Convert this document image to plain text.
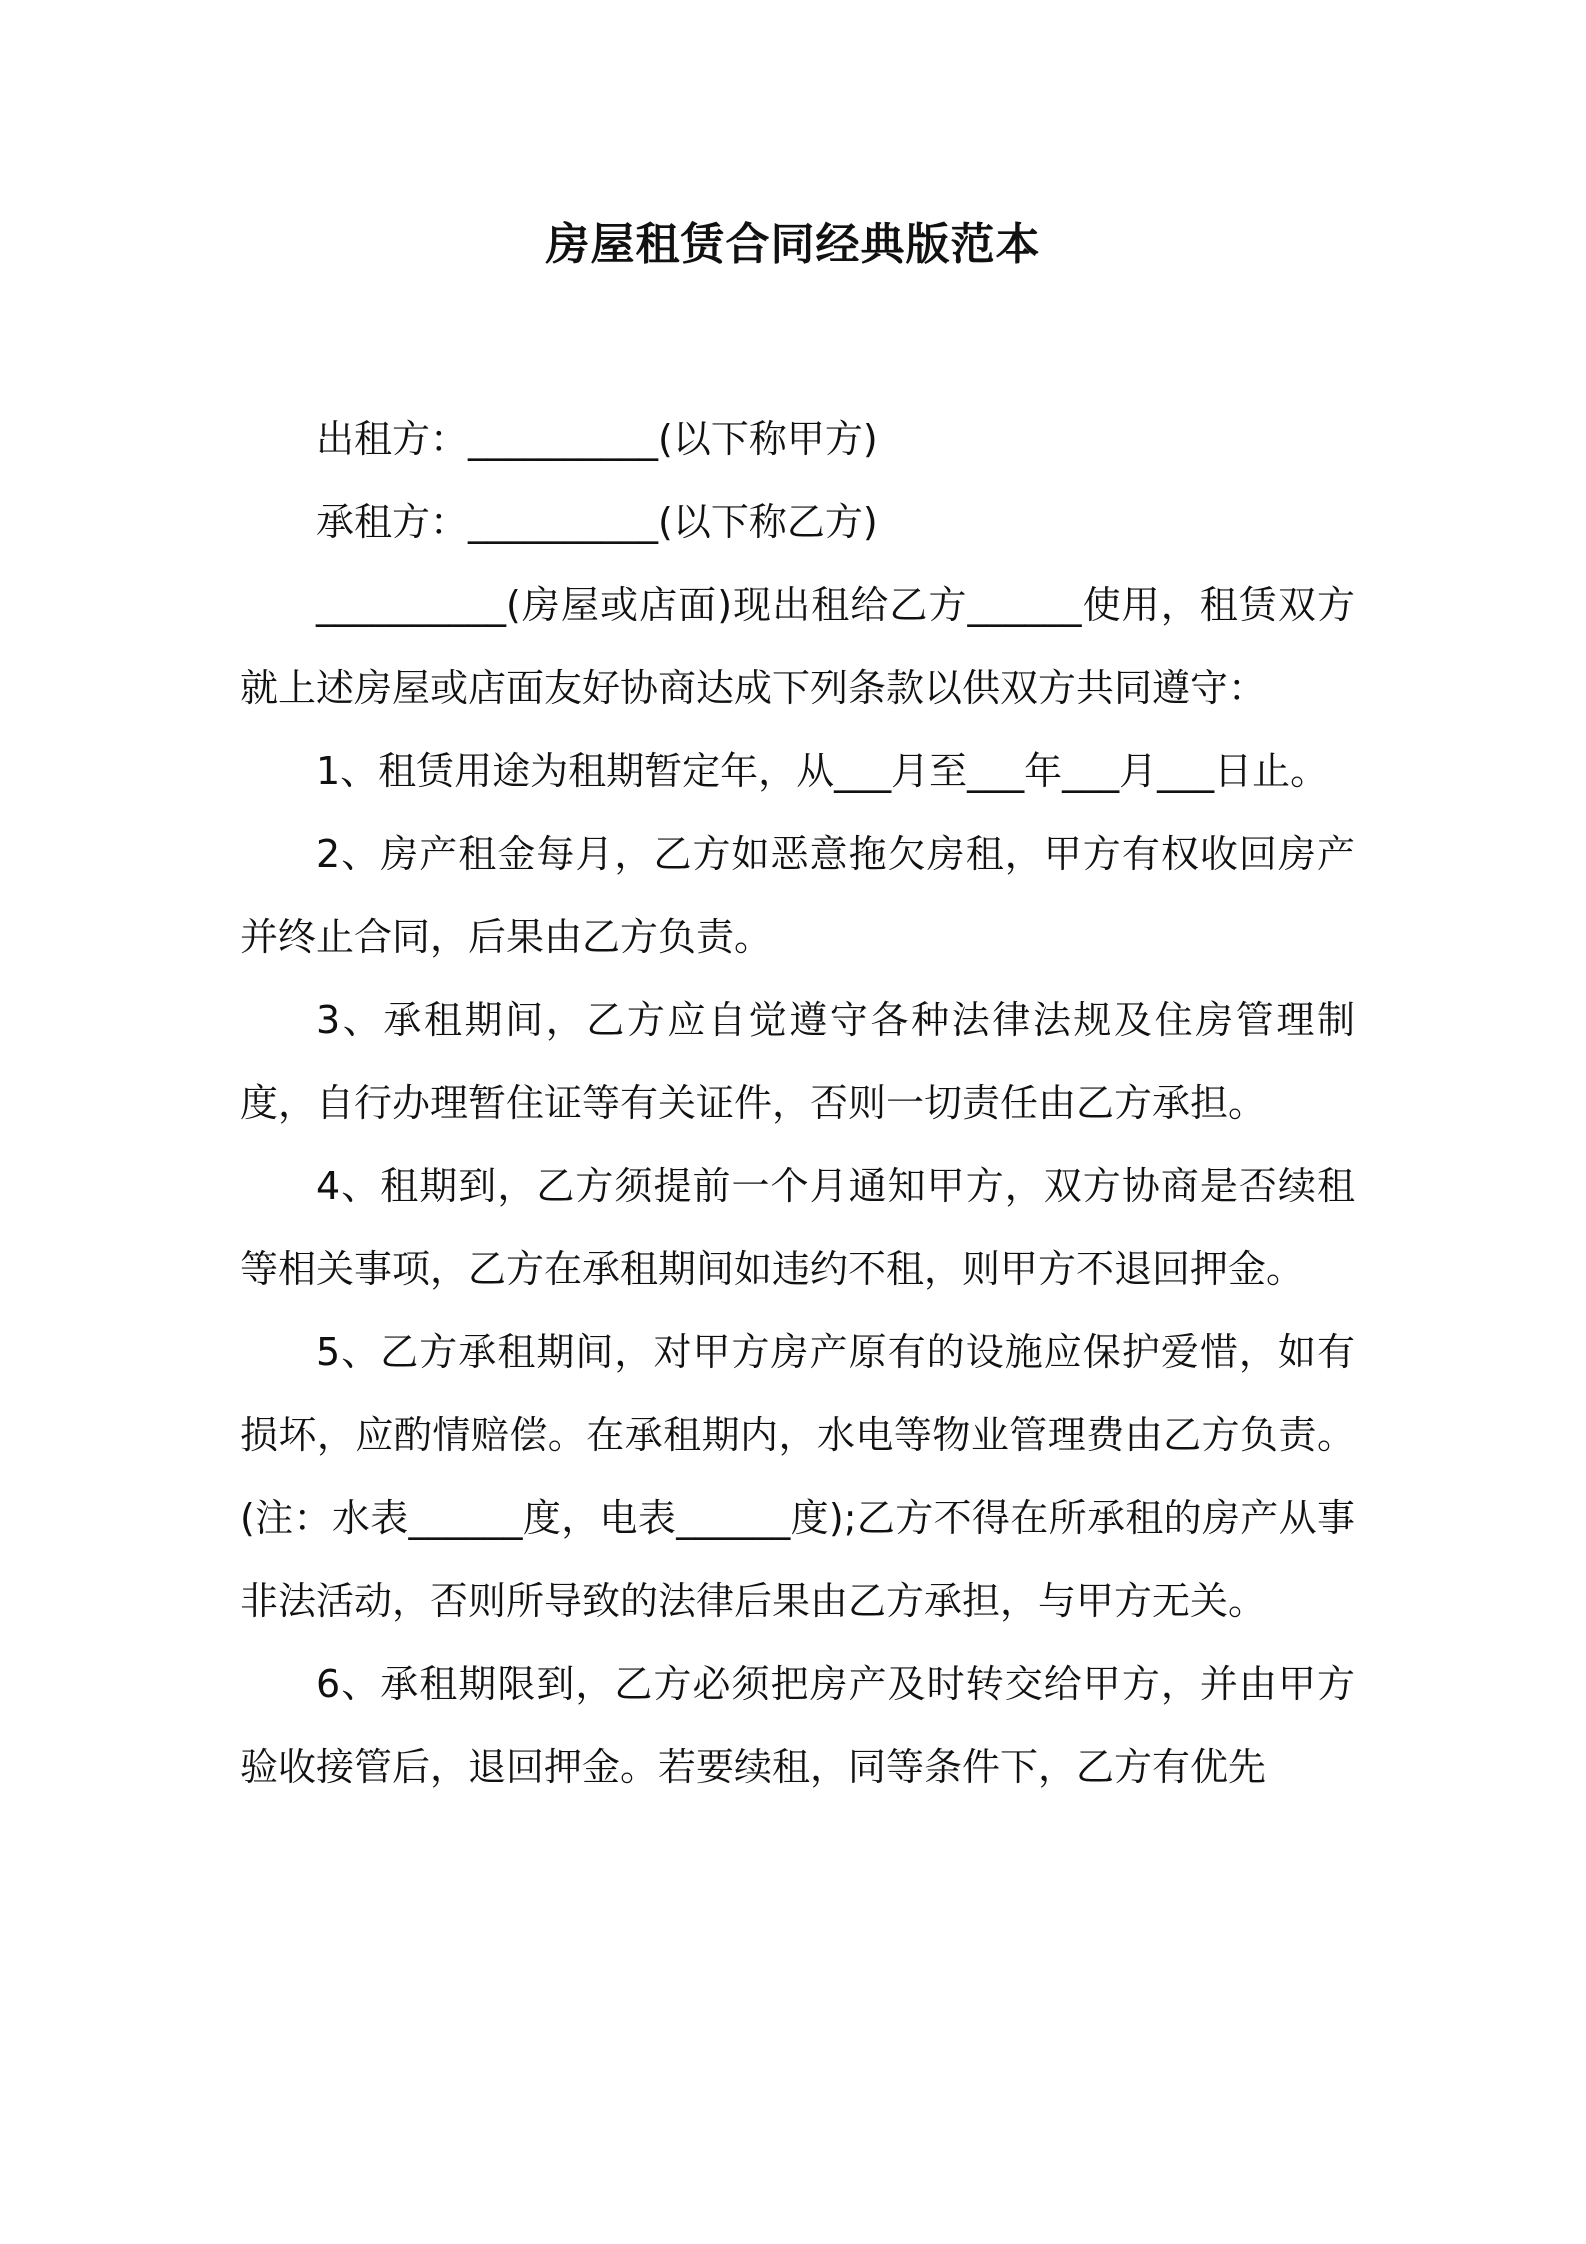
房屋租赁合同经典版范本

出租方：__________(以下称甲方)

承租方：__________(以下称乙方)

__________(房屋或店面)现出租给乙方______使用，租赁双方就上述房屋或店面友好协商达成下列条款以供双方共同遵守：

1、租赁用途为租期暂定年，从___月至___年___月___日止。

2、房产租金每月，乙方如恶意拖欠房租，甲方有权收回房产并终止合同，后果由乙方负责。

3、承租期间，乙方应自觉遵守各种法律法规及住房管理制度，自行办理暂住证等有关证件，否则一切责任由乙方承担。

4、租期到，乙方须提前一个月通知甲方，双方协商是否续租等相关事项，乙方在承租期间如违约不租，则甲方不退回押金。

5、乙方承租期间，对甲方房产原有的设施应保护爱惜，如有损坏，应酌情赔偿。在承租期内，水电等物业管理费由乙方负责。(注：水表______度，电表______度);乙方不得在所承租的房产从事非法活动，否则所导致的法律后果由乙方承担，与甲方无关。

6、承租期限到，乙方必须把房产及时转交给甲方，并由甲方验收接管后，退回押金。若要续租，同等条件下，乙方有优先
